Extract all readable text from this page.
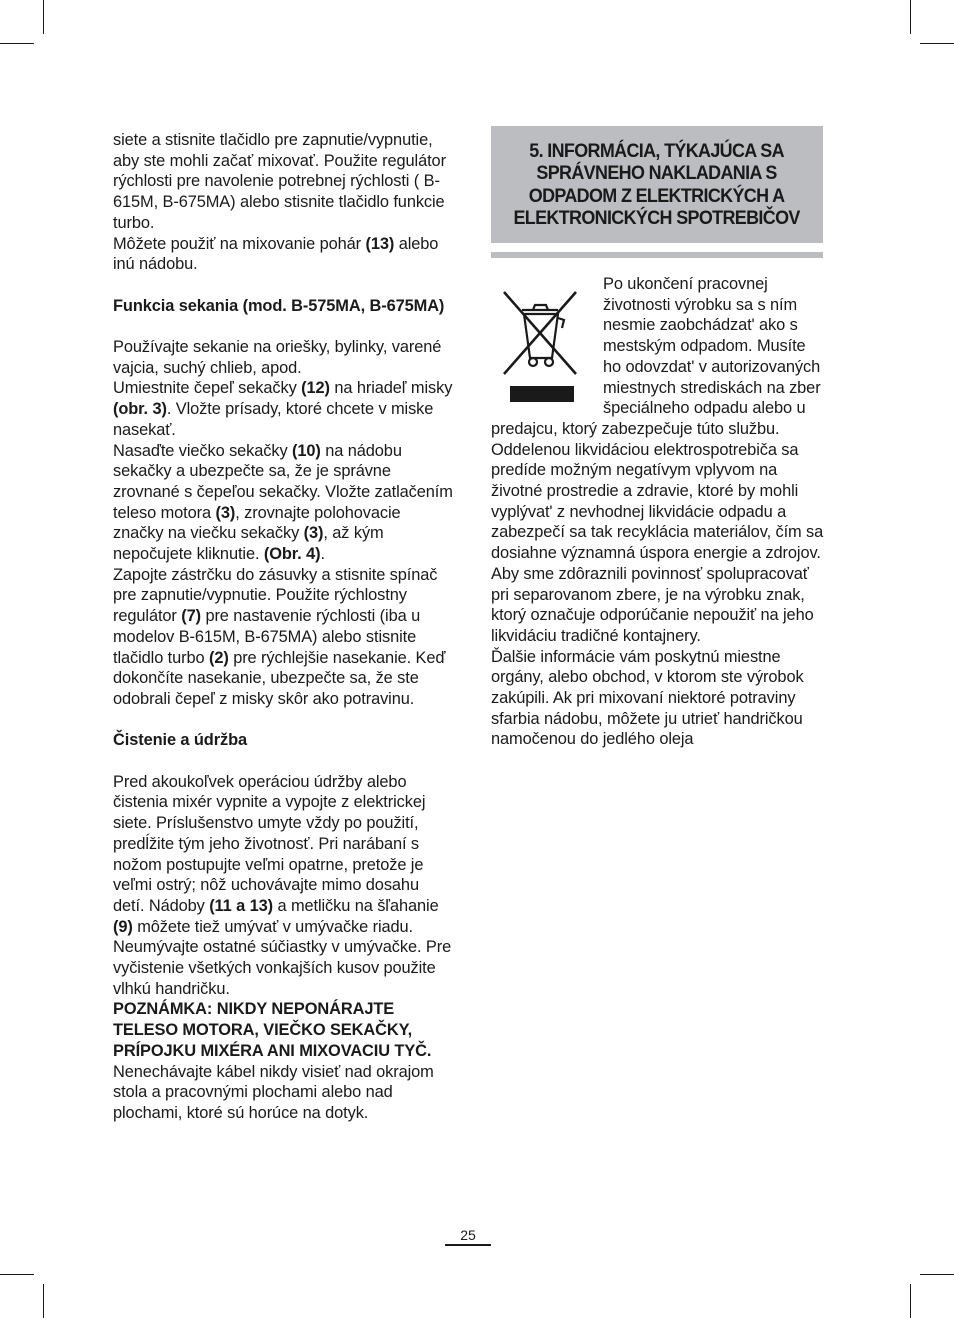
siete a stisnite tlačidlo pre zapnutie/vypnutie, aby ste mohli začať mixovať. Použite regulátor rýchlosti pre navolenie potrebnej rýchlosti ( B-615M, B-675MA) alebo stisnite tlačidlo funkcie turbo.
Môžete použiť na mixovanie pohár (13) alebo inú nádobu.

Funkcia sekania (mod. B-575MA, B-675MA)

Používajte sekanie na oriešky, bylinky, varené vajcia, suchý chlieb, apod.
Umiestnite čepeľ sekačky (12) na hriadeľ misky (obr. 3). Vložte prísady, ktoré chcete v miske nasekať.
Nasaďte viečko sekačky (10) na nádobu sekačky a ubezpečte sa, že je správne zrovnané s čepeľou sekačky. Vložte zatlačením teleso motora (3), zrovnajte polohovacie značky na viečku sekačky (3), až kým nepočujete kliknutie. (Obr. 4).
Zapojte zástrčku do zásuvky a stisnite spínač pre zapnutie/vypnutie. Použite rýchlostny regulátor (7) pre nastavenie rýchlosti (iba u modelov B-615M, B-675MA) alebo stisnite tlačidlo turbo (2) pre rýchlejšie nasekanie. Keď dokončíte nasekanie, ubezpečte sa, že ste odobrali čepeľ z misky skôr ako potravinu.

Čistenie a údržba

Pred akoukoľvek operáciou údržby alebo čistenia mixér vypnite a vypojte z elektrickej siete. Príslušenstvo umyte vždy po použití, predĺžite tým jeho životnosť. Pri narábaní s nožom postupujte veľmi opatrne, pretože je veľmi ostrý; nôž uchovávajte mimo dosahu detí. Nádoby (11 a 13) a metličku na šľahanie (9) môžete tiež umývať v umývačke riadu.
Neumývajte ostatné súčiastky v umývačke. Pre vyčistenie všetkých vonkajších kusov použite vlhkú handričku.
POZNÁMKA: NIKDY NEPONÁRAJTE TELESO MOTORA, VIEČKO SEKAČKY, PRÍPOJKU MIXÉRA ANI MIXOVACIU TYČ.
Nenechávajte kábel nikdy visieť nad okrajom stola a pracovnými plochami alebo nad plochami, ktoré sú horúce na dotyk.

5. INFORMÁCIA, TÝKAJÚCA SA
SPRÁVNEHO NAKLADANIA S
ODPADOM Z ELEKTRICKÝCH A
ELEKTRONICKÝCH SPOTREBIČOV

Po ukončení pracovnej životnosti výrobku sa s ním nesmie zaobchádzat' ako s mestským odpadom. Musíte ho odovzdat' v autorizovaných miestnych strediskách na zber špeciálneho odpadu alebo u predajcu, ktorý zabezpečuje túto službu. Oddelenou likvidáciou elektrospotrebiča sa predíde možným negatívym vplyvom na životné prostredie a zdravie, ktoré by mohli vyplývat' z nevhodnej likvidácie odpadu a zabezpečí sa tak recyklácia materiálov, čím sa dosiahne významná úspora energie a zdrojov.

Aby sme zdôraznili povinnosť spolupracovať pri separovanom zbere, je na výrobku znak, ktorý označuje odporúčanie nepoužiť na jeho likvidáciu tradičné kontajnery.

Ďalšie informácie vám poskytnú miestne orgány, alebo obchod, v ktorom ste výrobok zakúpili. Ak pri mixovaní niektoré potraviny sfarbia nádobu, môžete ju utrieť handričkou namočenou do jedlého oleja

25
